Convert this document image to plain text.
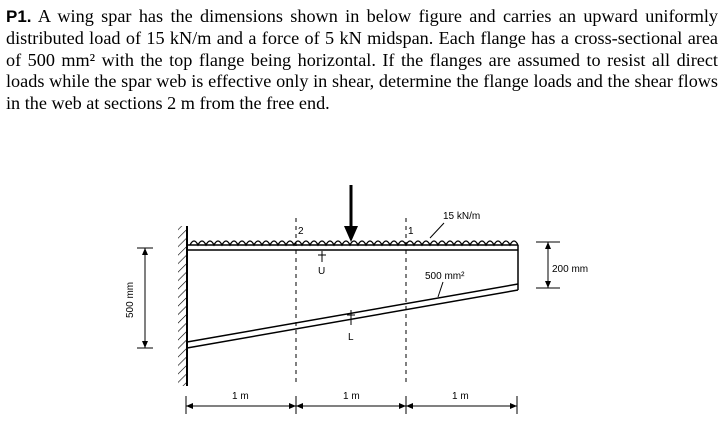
P1. A wing spar has the dimensions shown in below figure and carries an upward uniformly distributed load of 15 kN/m and a force of 5 kN midspan. Each flange has a cross-sectional area of 500 mm² with the top flange being horizontal. If the flanges are assumed to resist all direct loads while the spar web is effective only in shear, determine the flange loads and the shear flows in the web at sections 2 m from the free end.
2	1
15 kN/m
U
L
500 mm²
200 mm
500 mm
1 m	1 m	1 m
